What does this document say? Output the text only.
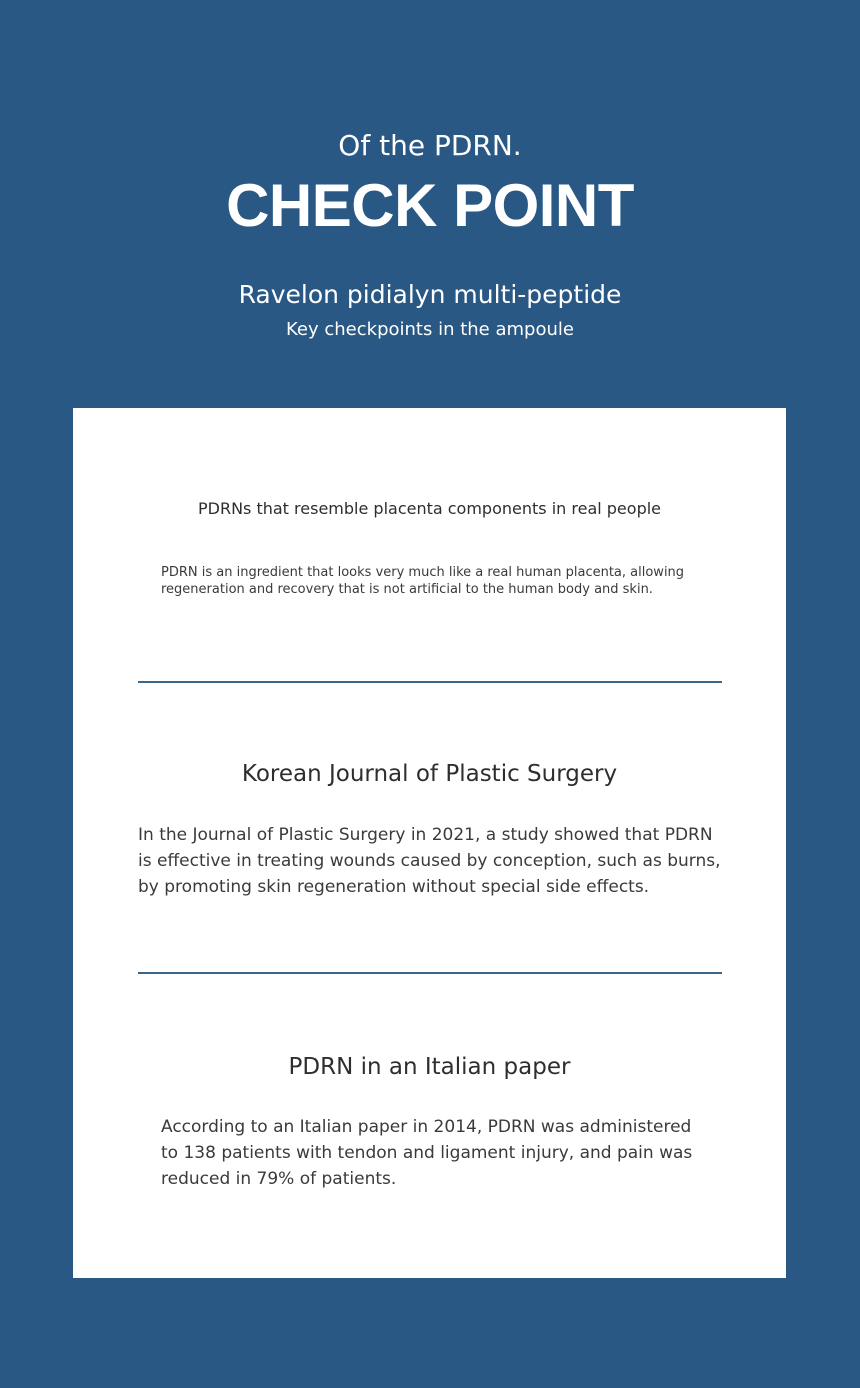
Of the PDRN.
CHECK POINT
Ravelon pidialyn multi-peptide
Key checkpoints in the ampoule
PDRNs that resemble placenta components in real people

PDRN is an ingredient that looks very much like a real human placenta, allowing regeneration and recovery that is not artificial to the human body and skin.

Korean Journal of Plastic Surgery

In the Journal of Plastic Surgery in 2021, a study showed that PDRN is effective in treating wounds caused by conception, such as burns, by promoting skin regeneration without special side effects.

PDRN in an Italian paper

According to an Italian paper in 2014, PDRN was administered to 138 patients with tendon and ligament injury, and pain was reduced in 79% of patients.
